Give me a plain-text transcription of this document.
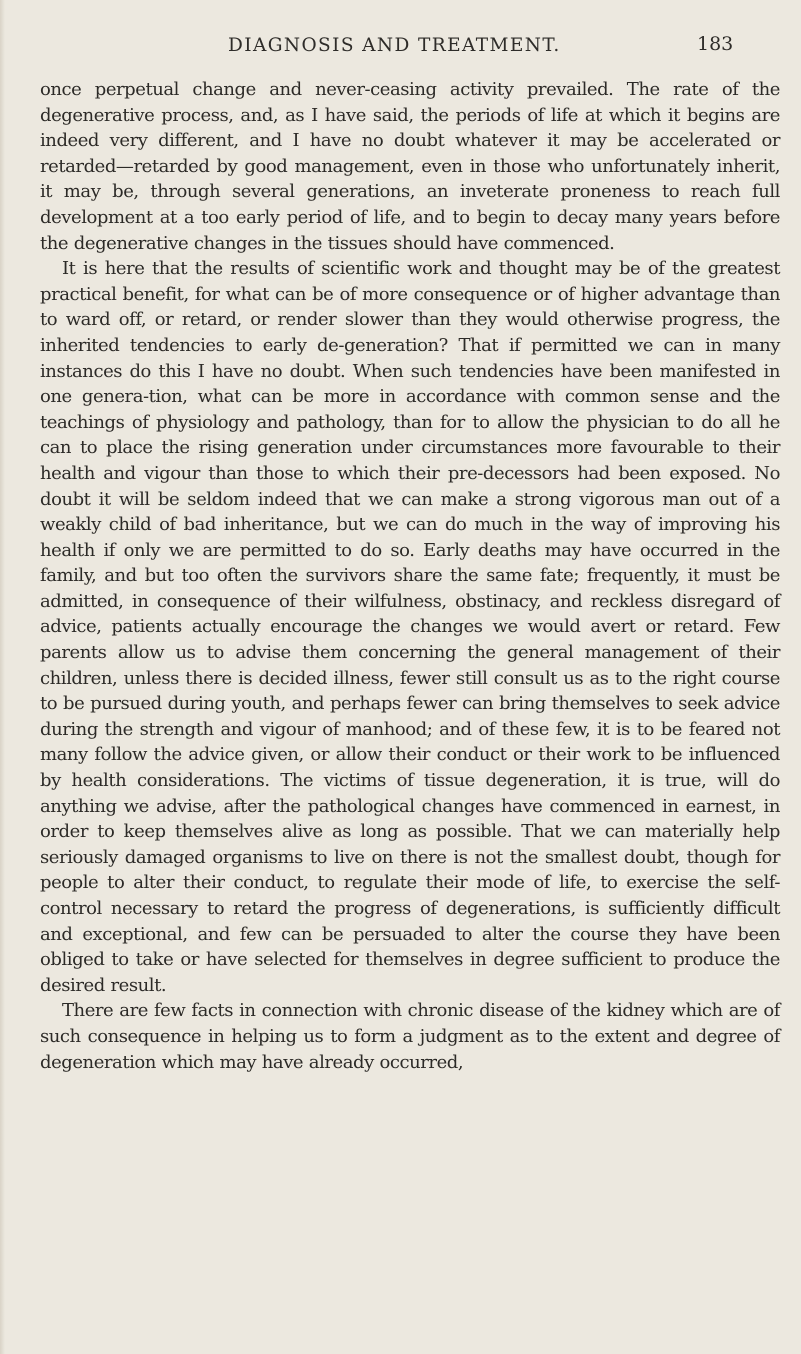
DIAGNOSIS AND TREATMENT.	183

once perpetual change and never-ceasing activity prevailed. The rate of the degenerative process, and, as I have said, the periods of life at which it begins are indeed very different, and I have no doubt whatever it may be accelerated or retarded—retarded by good management, even in those who unfortunately inherit, it may be, through several generations, an inveterate proneness to reach full development at a too early period of life, and to begin to decay many years before the degenerative changes in the tissues should have commenced.

It is here that the results of scientific work and thought may be of the greatest practical benefit, for what can be of more consequence or of higher advantage than to ward off, or retard, or render slower than they would otherwise progress, the inherited tendencies to early de-generation? That if permitted we can in many instances do this I have no doubt. When such tendencies have been manifested in one genera-tion, what can be more in accordance with common sense and the teachings of physiology and pathology, than for to allow the physician to do all he can to place the rising generation under circumstances more favourable to their health and vigour than those to which their pre-decessors had been exposed. No doubt it will be seldom indeed that we can make a strong vigorous man out of a weakly child of bad inheritance, but we can do much in the way of improving his health if only we are permitted to do so. Early deaths may have occurred in the family, and but too often the survivors share the same fate; frequently, it must be admitted, in consequence of their wilfulness, obstinacy, and reckless disregard of advice, patients actually encourage the changes we would avert or retard. Few parents allow us to advise them concerning the general management of their children, unless there is decided illness, fewer still consult us as to the right course to be pursued during youth, and perhaps fewer can bring themselves to seek advice during the strength and vigour of manhood; and of these few, it is to be feared not many follow the advice given, or allow their conduct or their work to be influenced by health considerations. The victims of tissue degeneration, it is true, will do anything we advise, after the pathological changes have commenced in earnest, in order to keep themselves alive as long as possible. That we can materially help seriously damaged organisms to live on there is not the smallest doubt, though for people to alter their conduct, to regulate their mode of life, to exercise the self-control necessary to retard the progress of degenerations, is sufficiently difficult and exceptional, and few can be persuaded to alter the course they have been obliged to take or have selected for themselves in degree sufficient to produce the desired result.

There are few facts in connection with chronic disease of the kidney which are of such consequence in helping us to form a judgment as to the extent and degree of degeneration which may have already occurred,
